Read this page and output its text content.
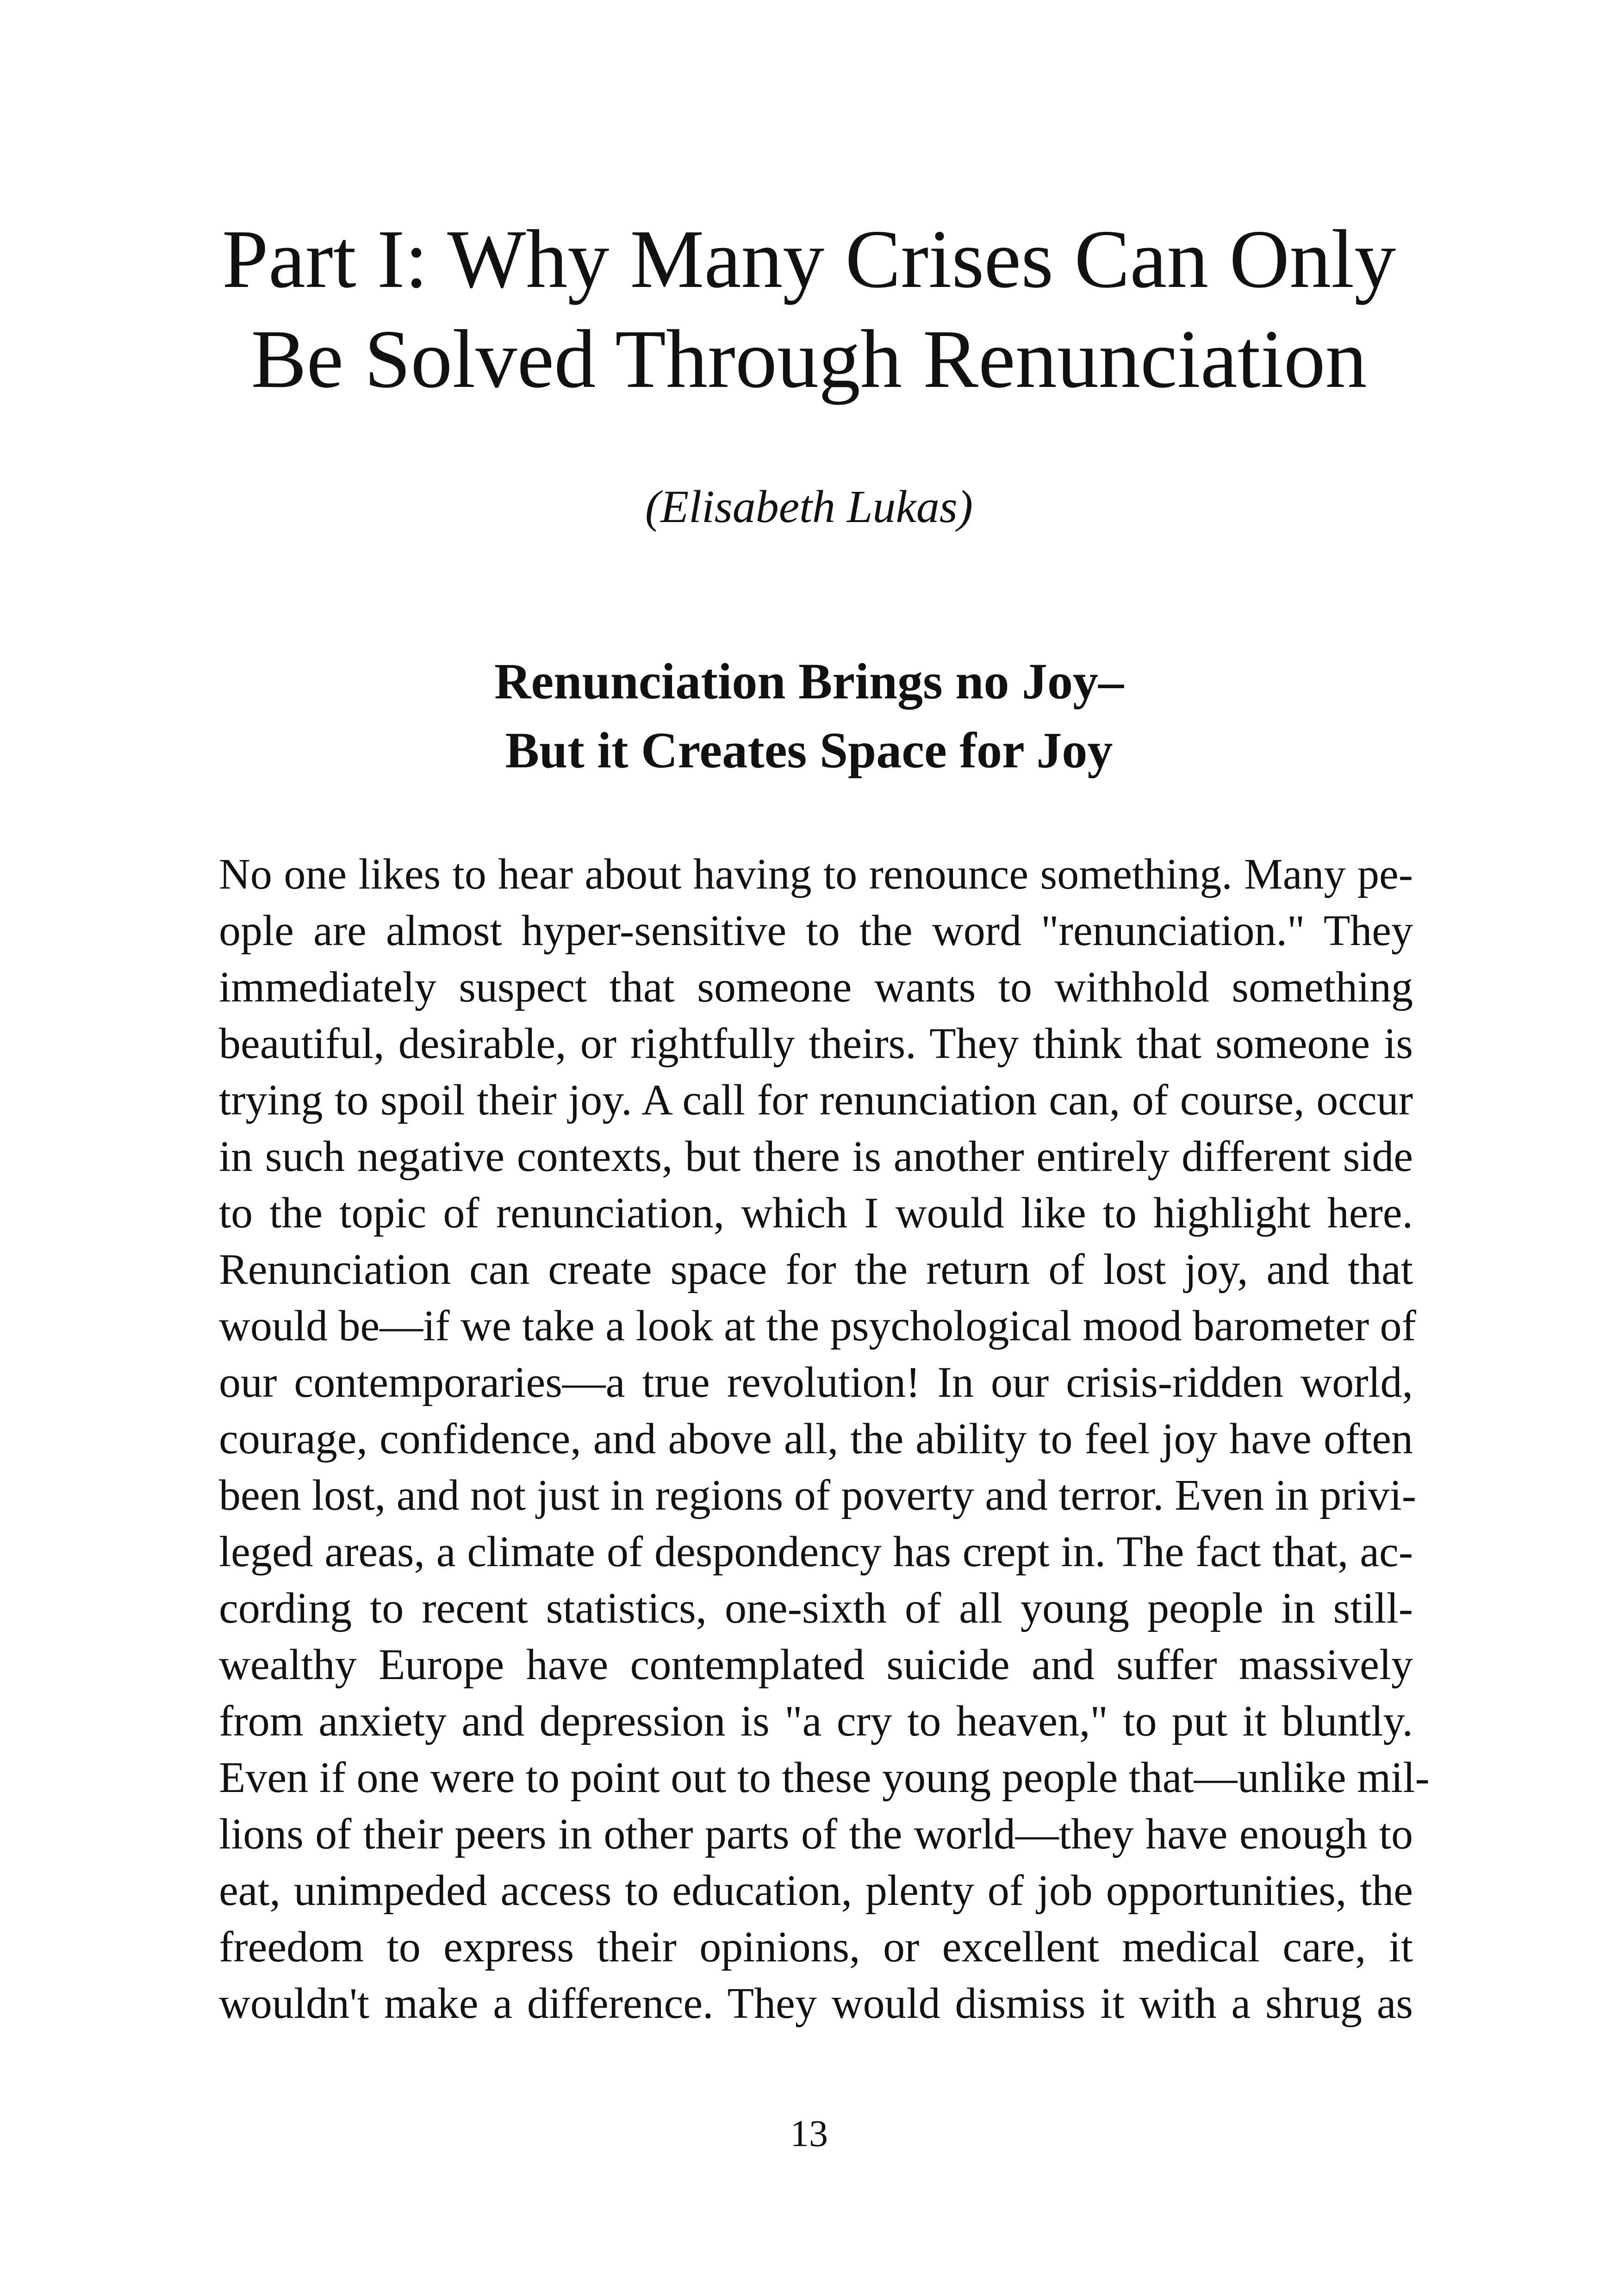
Part I: Why Many Crises Can Only
Be Solved Through Renunciation

(Elisabeth Lukas)

Renunciation Brings no Joy–
But it Creates Space for Joy
No one likes to hear about having to renounce something. Many pe-
ople are almost hyper-sensitive to the word "renunciation." They
immediately suspect that someone wants to withhold something
beautiful, desirable, or rightfully theirs. They think that someone is
trying to spoil their joy. A call for renunciation can, of course, occur
in such negative contexts, but there is another entirely different side
to the topic of renunciation, which I would like to highlight here.
Renunciation can create space for the return of lost joy, and that
would be—if we take a look at the psychological mood barometer of
our contemporaries—a true revolution! In our crisis-ridden world,
courage, confidence, and above all, the ability to feel joy have often
been lost, and not just in regions of poverty and terror. Even in privi-
leged areas, a climate of despondency has crept in. The fact that, ac-
cording to recent statistics, one-sixth of all young people in still-
wealthy Europe have contemplated suicide and suffer massively
from anxiety and depression is "a cry to heaven," to put it bluntly.
Even if one were to point out to these young people that—unlike mil-
lions of their peers in other parts of the world—they have enough to
eat, unimpeded access to education, plenty of job opportunities, the
freedom to express their opinions, or excellent medical care, it
wouldn't make a difference. They would dismiss it with a shrug as
13
